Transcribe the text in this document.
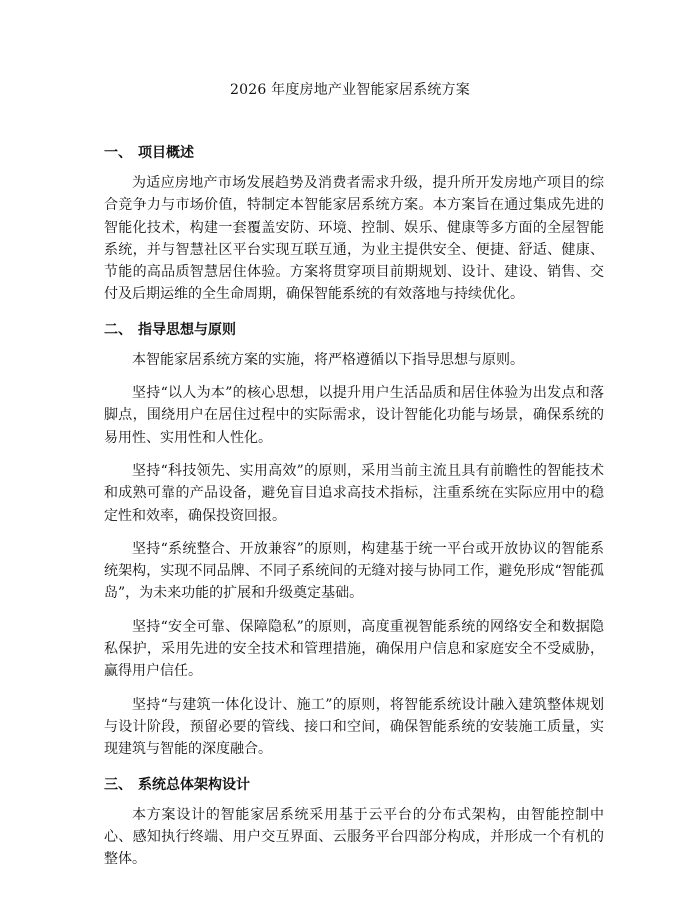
2026 年度房地产业智能家居系统方案
一、 项目概述

为适应房地产市场发展趋势及消费者需求升级，提升所开发房地产项目的综合竞争力与市场价值，特制定本智能家居系统方案。本方案旨在通过集成先进的智能化技术，构建一套覆盖安防、环境、控制、娱乐、健康等多方面的全屋智能系统，并与智慧社区平台实现互联互通，为业主提供安全、便捷、舒适、健康、节能的高品质智慧居住体验。方案将贯穿项目前期规划、设计、建设、销售、交付及后期运维的全生命周期，确保智能系统的有效落地与持续优化。

二、 指导思想与原则

本智能家居系统方案的实施，将严格遵循以下指导思想与原则。

坚持“以人为本”的核心思想，以提升用户生活品质和居住体验为出发点和落脚点，围绕用户在居住过程中的实际需求，设计智能化功能与场景，确保系统的易用性、实用性和人性化。

坚持“科技领先、实用高效”的原则，采用当前主流且具有前瞻性的智能技术和成熟可靠的产品设备，避免盲目追求高技术指标，注重系统在实际应用中的稳定性和效率，确保投资回报。

坚持“系统整合、开放兼容”的原则，构建基于统一平台或开放协议的智能系统架构，实现不同品牌、不同子系统间的无缝对接与协同工作，避免形成“智能孤岛”，为未来功能的扩展和升级奠定基础。

坚持“安全可靠、保障隐私”的原则，高度重视智能系统的网络安全和数据隐私保护，采用先进的安全技术和管理措施，确保用户信息和家庭安全不受威胁，赢得用户信任。

坚持“与建筑一体化设计、施工”的原则，将智能系统设计融入建筑整体规划与设计阶段，预留必要的管线、接口和空间，确保智能系统的安装施工质量，实现建筑与智能的深度融合。

三、 系统总体架构设计

本方案设计的智能家居系统采用基于云平台的分布式架构，由智能控制中心、感知执行终端、用户交互界面、云服务平台四部分构成，并形成一个有机的整体。
